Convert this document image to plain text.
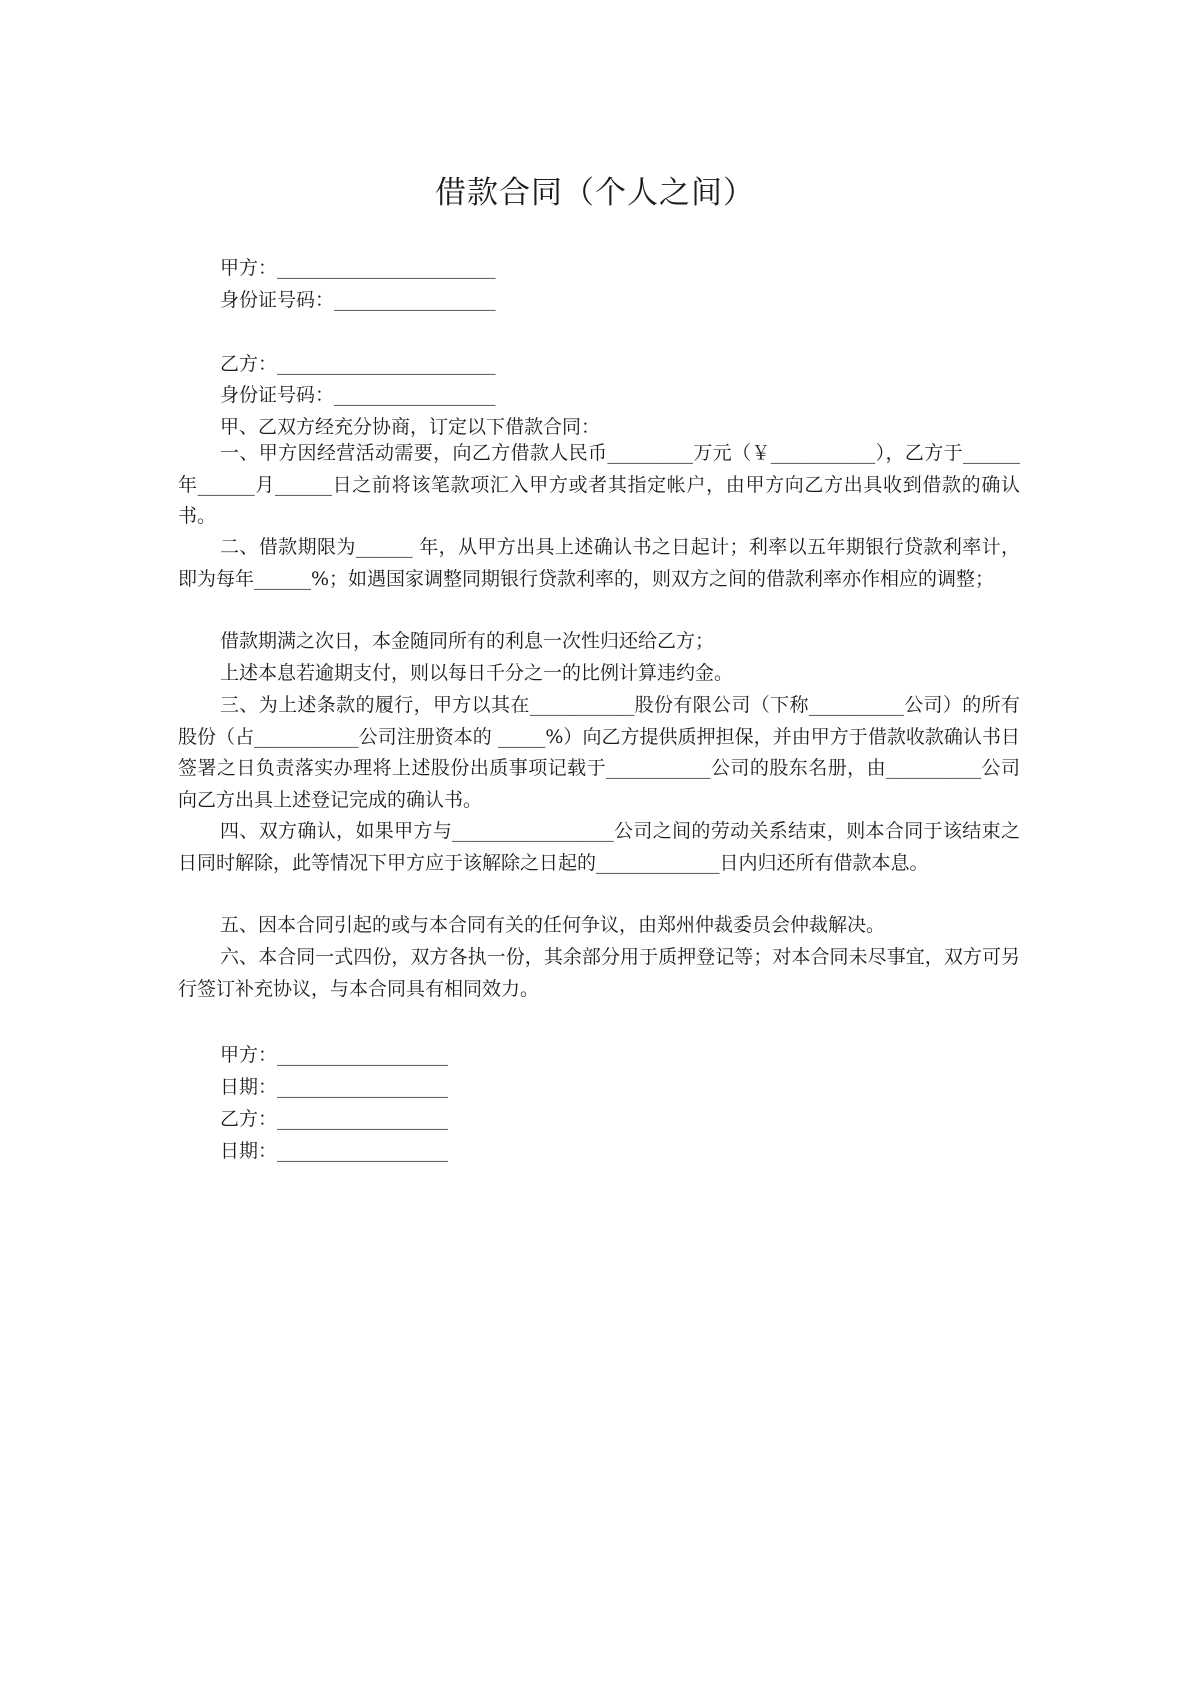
借款合同（个人之间）
甲方：_______________________
身份证号码：_________________
乙方：_______________________
身份证号码：_________________
甲、乙双方经充分协商，订定以下借款合同：
一、甲方因经营活动需要，向乙方借款人民币_________万元（￥___________），乙方于______年______月______日之前将该笔款项汇入甲方或者其指定帐户，由甲方向乙方出具收到借款的确认书。
二、借款期限为______ 年，从甲方出具上述确认书之日起计；利率以五年期银行贷款利率计，即为每年______%；如遇国家调整同期银行贷款利率的，则双方之间的借款利率亦作相应的调整；
借款期满之次日，本金随同所有的利息一次性归还给乙方；
上述本息若逾期支付，则以每日千分之一的比例计算违约金。
三、为上述条款的履行，甲方以其在___________股份有限公司（下称__________公司）的所有股份（占___________公司注册资本的 _____%）向乙方提供质押担保，并由甲方于借款收款确认书日签署之日负责落实办理将上述股份出质事项记载于___________公司的股东名册，由__________公司向乙方出具上述登记完成的确认书。
四、双方确认，如果甲方与_________________公司之间的劳动关系结束，则本合同于该结束之日同时解除，此等情况下甲方应于该解除之日起的_____________日内归还所有借款本息。
五、因本合同引起的或与本合同有关的任何争议，由郑州仲裁委员会仲裁解决。
六、本合同一式四份，双方各执一份，其余部分用于质押登记等；对本合同未尽事宜，双方可另行签订补充协议，与本合同具有相同效力。
甲方：__________________
日期：__________________
乙方：__________________
日期：__________________
